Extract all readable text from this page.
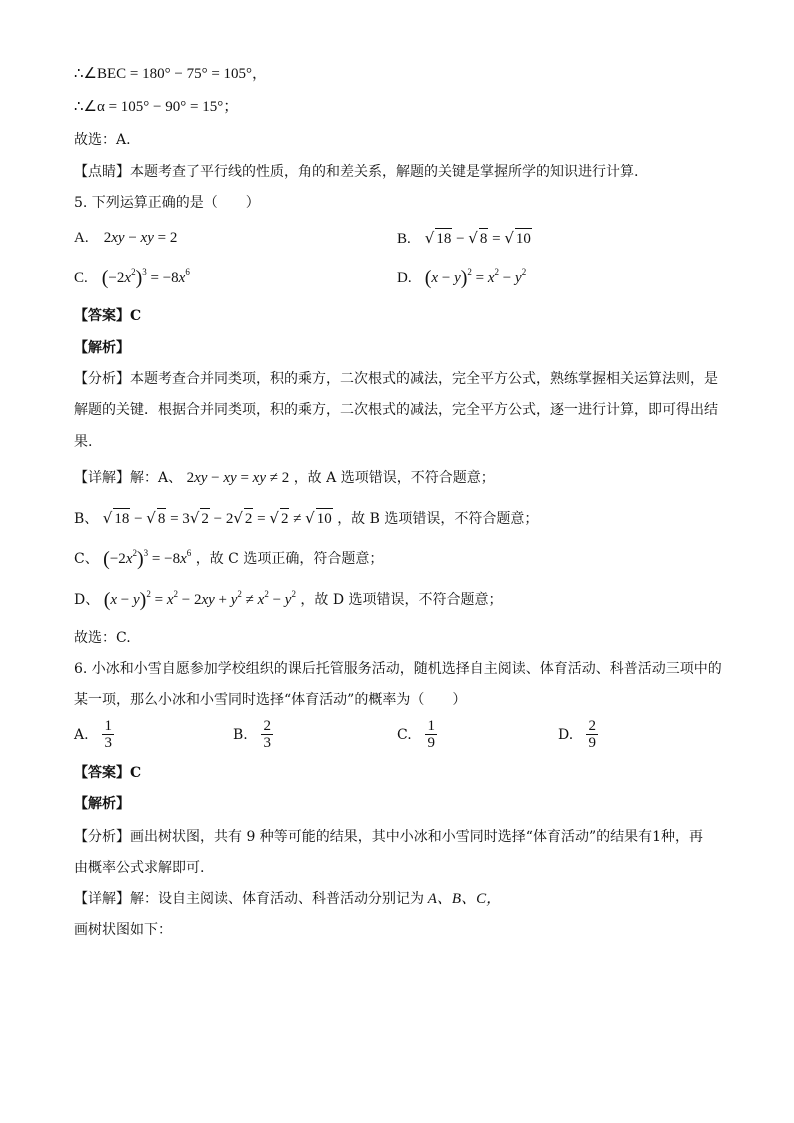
∴∠BEC = 180° − 75° = 105°，
∴∠α = 105° − 90° = 15°；
故选：A.
【点睛】本题考查了平行线的性质，角的和差关系，解题的关键是掌握所学的知识进行计算.
5. 下列运算正确的是（　　）
A. 2xy − xy = 2	B. √ 18 − √ 8 = √ 10
C. $(-2x^2)^3 = -8x^6$	D. $(x - y)^2 = x^2 - y^2$
【答案】C
【解析】
【分析】本题考查合并同类项，积的乘方，二次根式的减法，完全平方公式，熟练掌握相关运算法则，是
解题的关键．根据合并同类项，积的乘方，二次根式的减法，完全平方公式，逐一进行计算，即可得出结
果.
【详解】解：A、 2xy − xy = xy ≠ 2 ，故 A 选项错误，不符合题意；
B、 √ 18 − √ 8 = 3√ 2 − 2√ 2 = √ 2 ≠ √ 10 ，故 B 选项错误，不符合题意；
C、 $(-2x^2)^3 = -8x^6$ ，故 C 选项正确，符合题意；
D、 $(x - y)^2 = x^2 - 2xy + y^2 \ne x^2 - y^2$ ，故 D 选项错误，不符合题意；
故选：C.
6. 小冰和小雪自愿参加学校组织的课后托管服务活动，随机选择自主阅读、体育活动、科普活动三项中的
某一项，那么小冰和小雪同时选择“体育活动”的概率为（　　）
A. $\frac{1}{3}$	B. $\frac{2}{3}$	C. $\frac{1}{9}$	D. $\frac{2}{9}$
【答案】C
【解析】
【分析】画出树状图，共有 9 种等可能的结果，其中小冰和小雪同时选择“体育活动”的结果有1种，再
由概率公式求解即可.
【详解】解：设自主阅读、体育活动、科普活动分别记为 A、B、C，
画树状图如下：
